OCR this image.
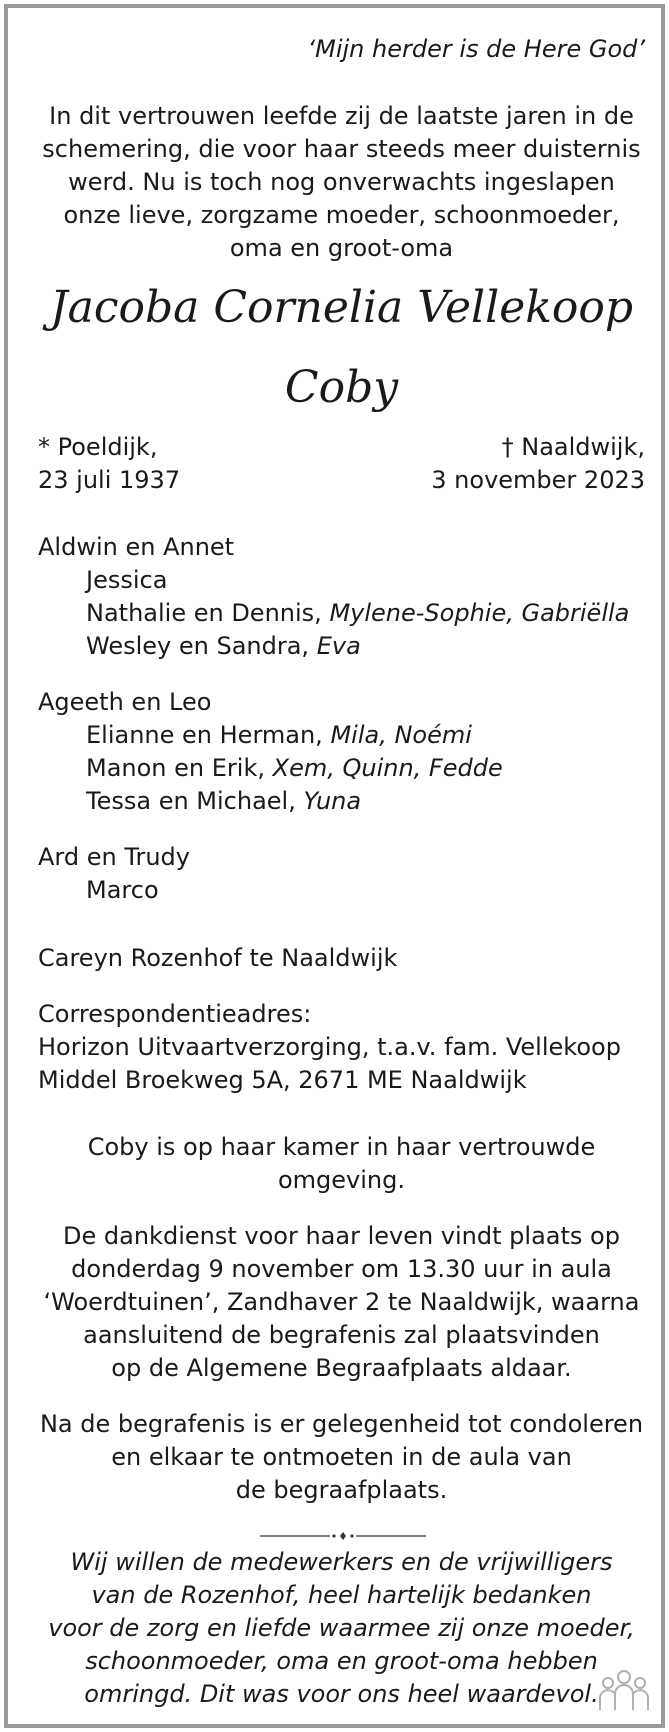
‘Mijn herder is de Here God’
In dit vertrouwen leefde zij de laatste jaren in de
schemering, die voor haar steeds meer duisternis
werd. Nu is toch nog onverwachts ingeslapen
onze lieve, zorgzame moeder, schoonmoeder,
oma en groot-oma
Jacoba Cornelia Vellekoop
Coby
* Poeldijk,
23 juli 1937
† Naaldwijk,
3 november 2023
Aldwin en Annet
Jessica
Nathalie en Dennis, Mylene-Sophie, Gabriëlla
Wesley en Sandra, Eva
Ageeth en Leo
Elianne en Herman, Mila, Noémi
Manon en Erik, Xem, Quinn, Fedde
Tessa en Michael, Yuna
Ard en Trudy
Marco
Careyn Rozenhof te Naaldwijk
Correspondentieadres:
Horizon Uitvaartverzorging, t.a.v. fam. Vellekoop
Middel Broekweg 5A, 2671 ME Naaldwijk
Coby is op haar kamer in haar vertrouwde
omgeving.
De dankdienst voor haar leven vindt plaats op
donderdag 9 november om 13.30 uur in aula
‘Woerdtuinen’, Zandhaver 2 te Naaldwijk, waarna
aansluitend de begrafenis zal plaatsvinden
op de Algemene Begraafplaats aldaar.
Na de begrafenis is er gelegenheid tot condoleren
en elkaar te ontmoeten in de aula van
de begraafplaats.
Wij willen de medewerkers en de vrijwilligers
van de Rozenhof, heel hartelijk bedanken
voor de zorg en liefde waarmee zij onze moeder,
schoonmoeder, oma en groot-oma hebben
omringd. Dit was voor ons heel waardevol.
